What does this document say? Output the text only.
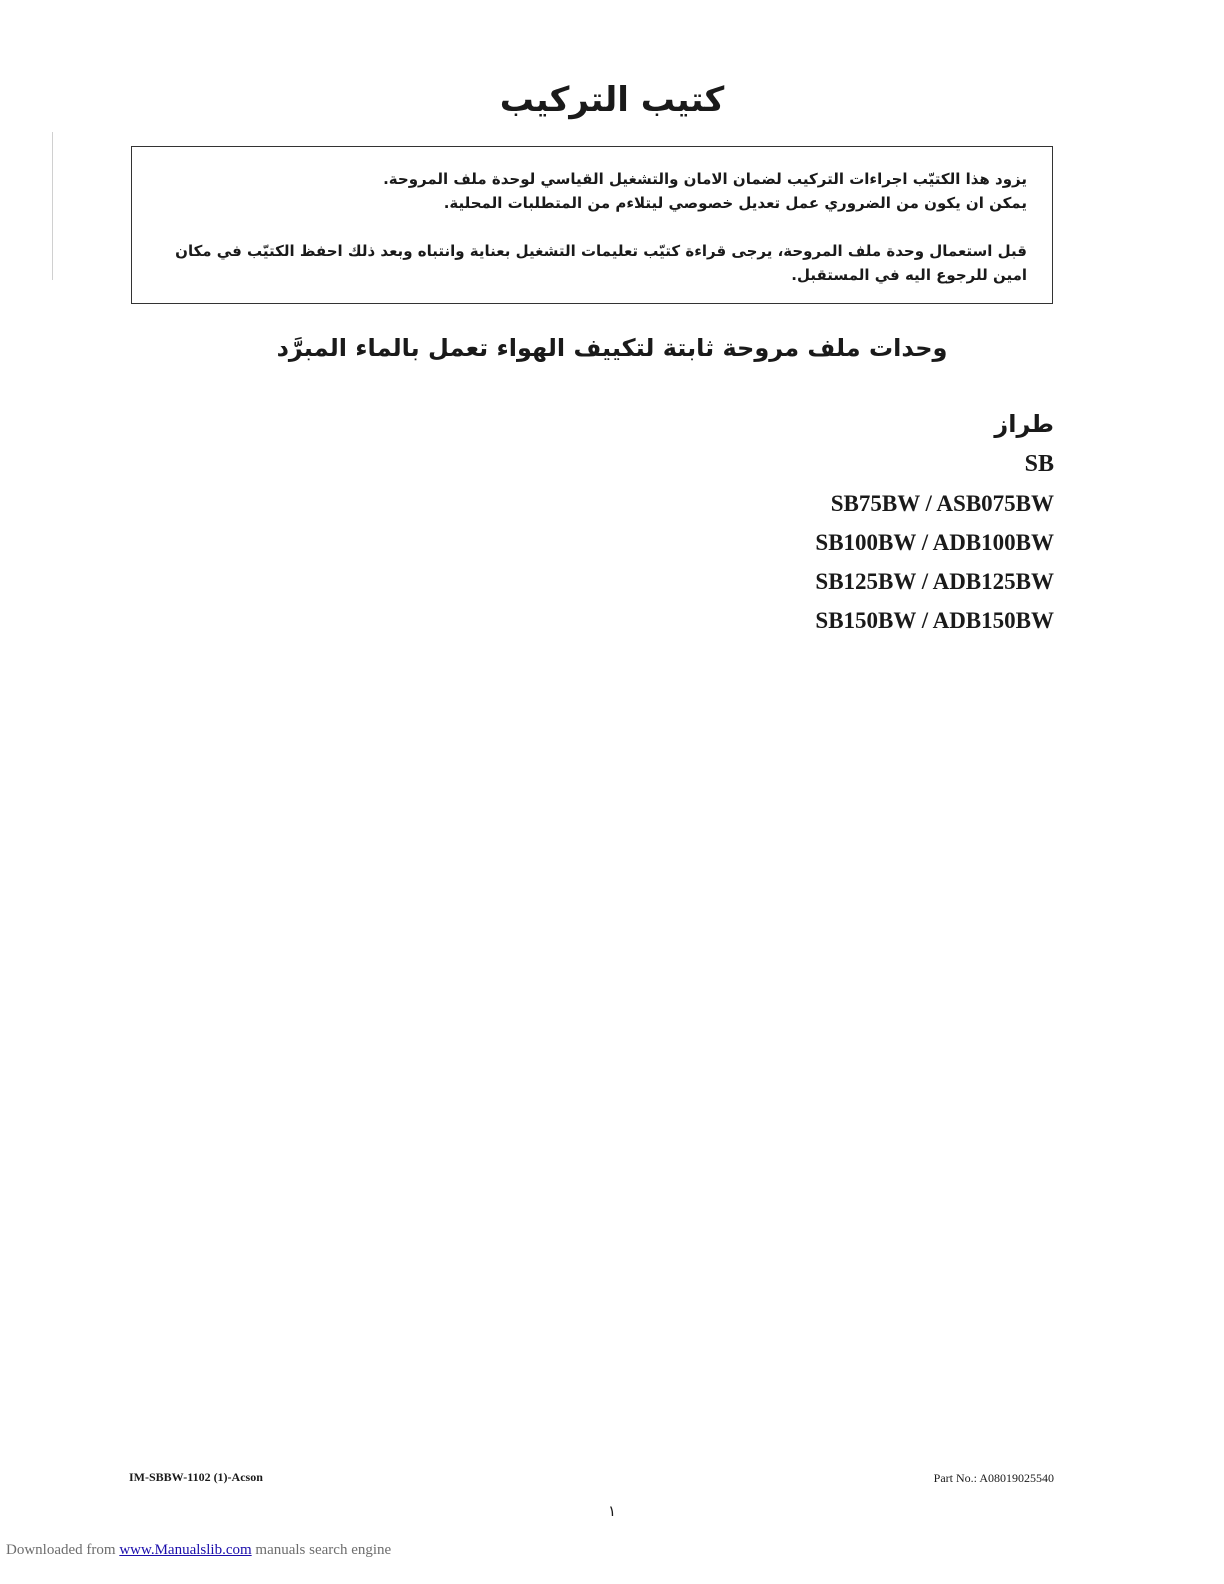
كتيب التركيب

يزود هذا الكتيّب اجراءات التركيب لضمان الامان والتشغيل القياسي لوحدة ملف المروحة.

يمكن ان يكون من الضروري عمل تعديل خصوصي ليتلاءم من المتطلبات المحلية.

قبل استعمال وحدة ملف المروحة، يرجى قراءة كتيّب تعليمات التشغيل بعناية وانتباه وبعد ذلك احفظ الكتيّب في مكان امين للرجوع اليه في المستقبل.

وحدات ملف مروحة ثابتة لتكييف الهواء تعمل بالماء المبرَّد
طراز
SB
SB75BW / ASB075BW
SB100BW / ADB100BW
SB125BW / ADB125BW
SB150BW / ADB150BW
IM-SBBW-1102 (1)-Acson	Part No.: A08019025540
١
Downloaded from www.Manualslib.com manuals search engine
